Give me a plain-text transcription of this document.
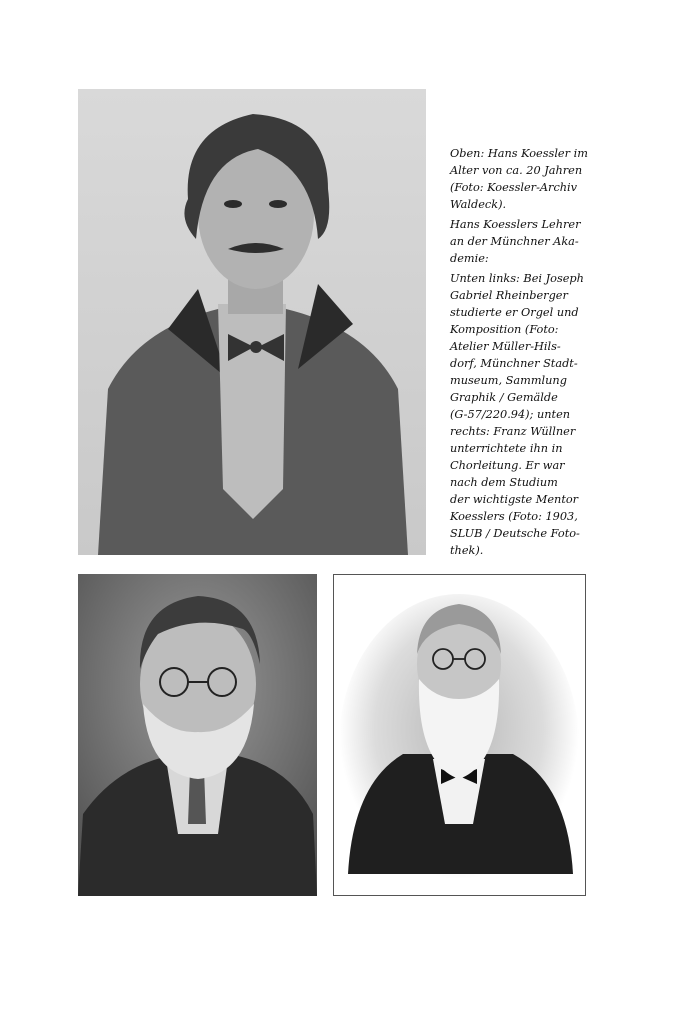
Oben: Hans Koessler im
Alter von ca. 20 Jahren
(Foto: Koessler-Archiv
Waldeck).

Hans Koesslers Lehrer
an der Münchner Aka-
demie:

Unten links: Bei Joseph
Gabriel Rheinberger
studierte er Orgel und
Komposition (Foto:
Atelier Müller-Hils-
dorf, Münchner Stadt-
museum, Sammlung
Graphik / Gemälde
(G-57/220.94); unten
rechts: Franz Wüllner
unterrichtete ihn in
Chorleitung. Er war
nach dem Studium
der wichtigste Mentor
Koesslers (Foto: 1903,
SLUB / Deutsche Foto-
thek).
